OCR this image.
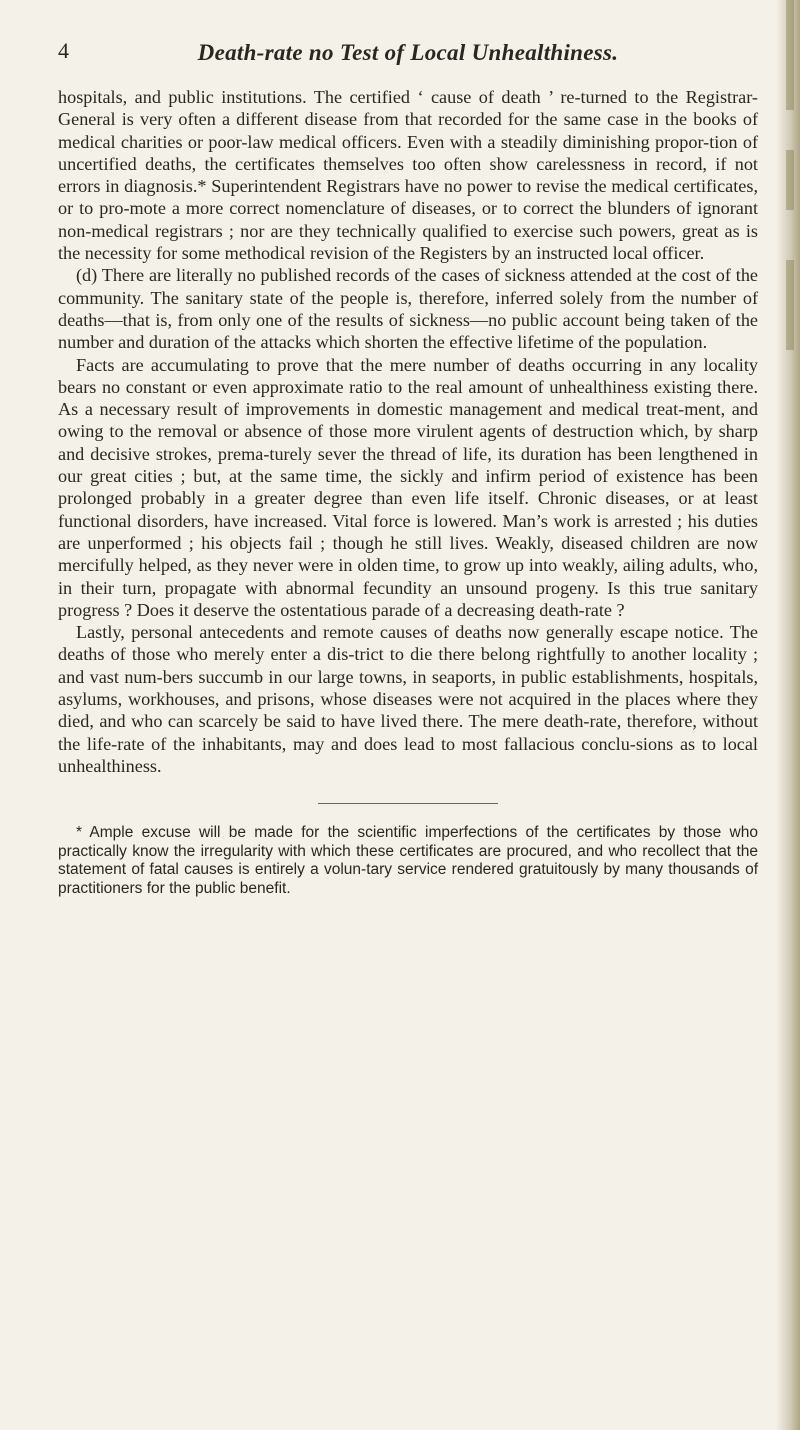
4	Death-rate no Test of Local Unhealthiness.

hospitals, and public institutions. The certified ‘ cause of death ’ re-turned to the Registrar-General is very often a different disease from that recorded for the same case in the books of medical charities or poor-law medical officers. Even with a steadily diminishing propor-tion of uncertified deaths, the certificates themselves too often show carelessness in record, if not errors in diagnosis.* Superintendent Registrars have no power to revise the medical certificates, or to pro-mote a more correct nomenclature of diseases, or to correct the blunders of ignorant non-medical registrars ; nor are they technically qualified to exercise such powers, great as is the necessity for some methodical revision of the Registers by an instructed local officer.

(d) There are literally no published records of the cases of sickness attended at the cost of the community. The sanitary state of the people is, therefore, inferred solely from the number of deaths—that is, from only one of the results of sickness—no public account being taken of the number and duration of the attacks which shorten the effective lifetime of the population.

Facts are accumulating to prove that the mere number of deaths occurring in any locality bears no constant or even approximate ratio to the real amount of unhealthiness existing there. As a necessary result of improvements in domestic management and medical treat-ment, and owing to the removal or absence of those more virulent agents of destruction which, by sharp and decisive strokes, prema-turely sever the thread of life, its duration has been lengthened in our great cities ; but, at the same time, the sickly and infirm period of existence has been prolonged probably in a greater degree than even life itself. Chronic diseases, or at least functional disorders, have increased. Vital force is lowered. Man’s work is arrested ; his duties are unperformed ; his objects fail ; though he still lives. Weakly, diseased children are now mercifully helped, as they never were in olden time, to grow up into weakly, ailing adults, who, in their turn, propagate with abnormal fecundity an unsound progeny. Is this true sanitary progress ? Does it deserve the ostentatious parade of a decreasing death-rate ?

Lastly, personal antecedents and remote causes of deaths now generally escape notice. The deaths of those who merely enter a dis-trict to die there belong rightfully to another locality ; and vast num-bers succumb in our large towns, in seaports, in public establishments, hospitals, asylums, workhouses, and prisons, whose diseases were not acquired in the places where they died, and who can scarcely be said to have lived there. The mere death-rate, therefore, without the life-rate of the inhabitants, may and does lead to most fallacious conclu-sions as to local unhealthiness.

* Ample excuse will be made for the scientific imperfections of the certificates by those who practically know the irregularity with which these certificates are procured, and who recollect that the statement of fatal causes is entirely a volun-tary service rendered gratuitously by many thousands of practitioners for the public benefit.
